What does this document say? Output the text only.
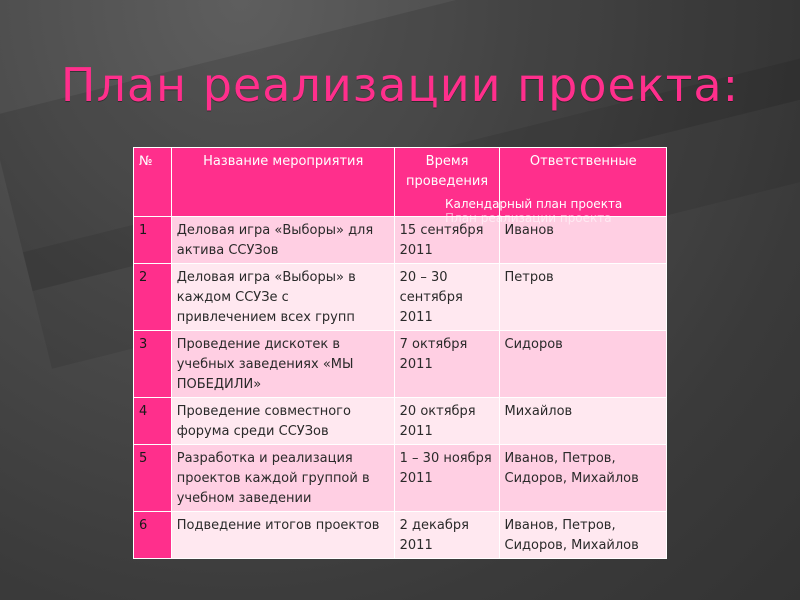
План реализации проекта:
№	Название мероприятия	Время проведения	Ответственные
1	Деловая игра «Выборы» для актива ССУЗов	15 сентября 2011	Иванов
2	Деловая игра «Выборы» в каждом ССУЗе с привлечением всех групп	20 – 30 сентября 2011	Петров
3	Проведение дискотек в учебных заведениях «МЫ ПОБЕДИЛИ»	7 октября 2011	Сидоров
4	Проведение совместного форума среди ССУЗов	20 октября 2011	Михайлов
5	Разработка и реализация проектов каждой группой в учебном заведении	1 – 30 ноября 2011	Иванов, Петров, Сидоров, Михайлов
6	Подведение итогов проектов	2 декабря 2011	Иванов, Петров, Сидоров, Михайлов
Календарный план проекта
План реализации проекта
